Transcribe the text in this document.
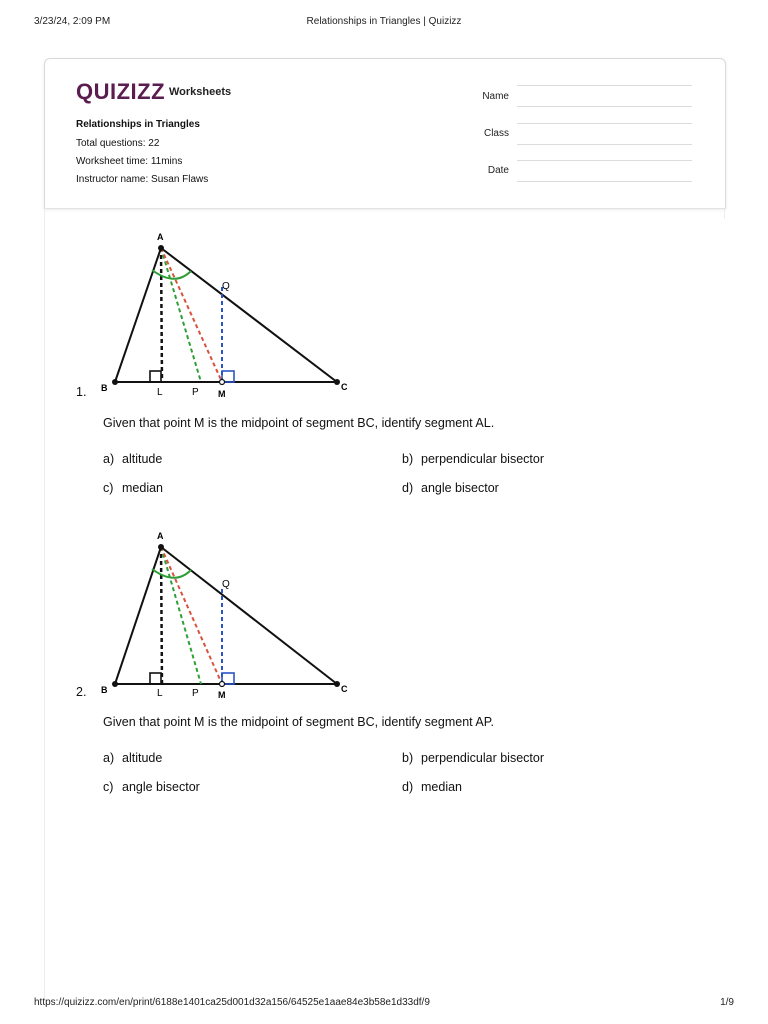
3/23/24, 2:09 PM	Relationships in Triangles | Quizizz
QUIZIZZ Worksheets
Relationships in Triangles
Total questions: 22
Worksheet time: 11mins
Instructor name: Susan Flaws
Name
Class
Date
A
B	C
L	P M
Q
1.
Given that point M is the midpoint of segment BC, identify segment AL.
a) altitude	b) perpendicular bisector
c) median	d) angle bisector
A
B	C
L	P M
Q
2.
Given that point M is the midpoint of segment BC, identify segment AP.
a) altitude	b) perpendicular bisector
c) angle bisector	d) median
https://quizizz.com/en/print/6188e1401ca25d001d32a156/64525e1aae84e3b58e1d33df/9	1/9
